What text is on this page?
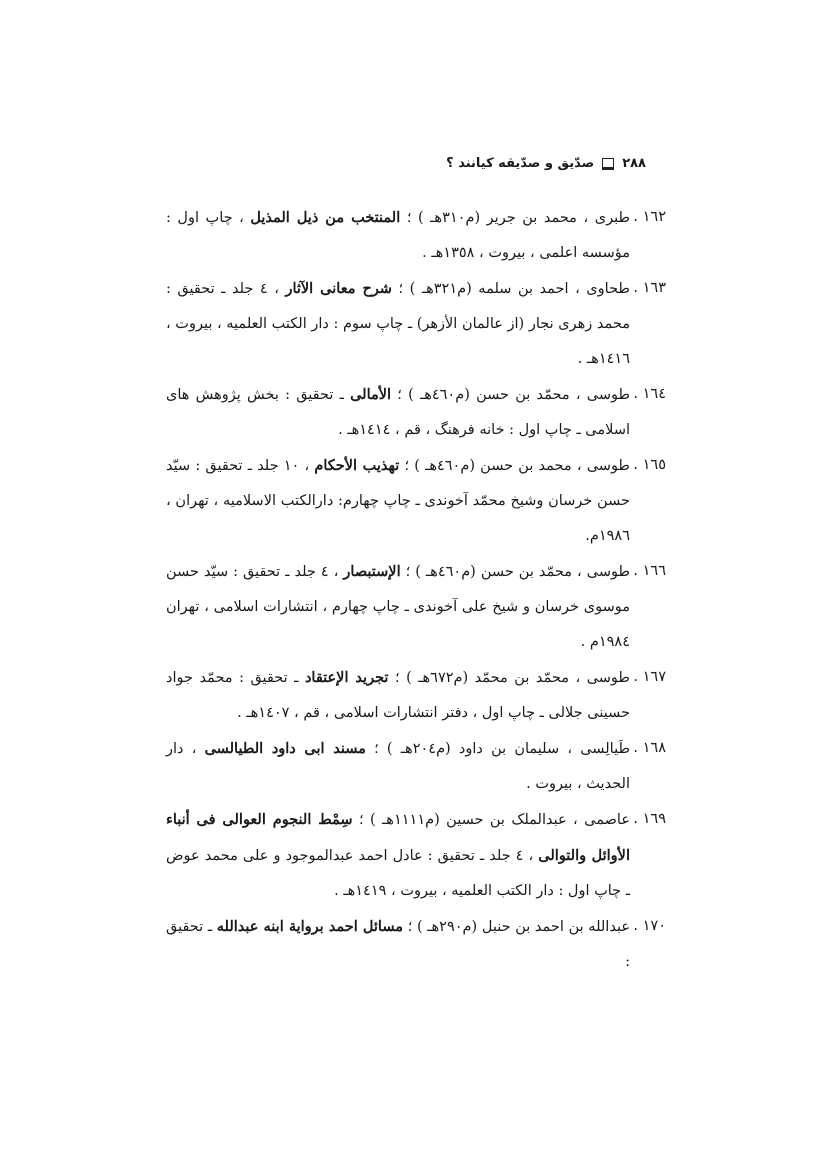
۲۸۸
صدّیق و صدّیقه کیانند ؟

١٦٢ .
طبری ، محمد بن جریر (م٣١٠هـ ) ؛ المنتخب من ذیل المذیل ، چاپ اول : مؤسسه اعلمی ، بیروت ، ١٣٥٨هـ .

١٦٣ .
طحاوی ، احمد بن سلمه (م٣٢١هـ ) ؛ شرح معانی الآثار ، ٤ جلد ـ تحقیق : محمد زهری نجار (از عالمان الأزهر) ـ چاپ سوم : دار الکتب العلمیه ، بیروت ، ١٤١٦هـ .

١٦٤ .
طوسی ، محمّد بن حسن (م٤٦٠هـ ) ؛ الأمالی ـ تحقیق : بخش پژوهش های اسلامی ـ چاپ اول : خانه فرهنگ ، قم ، ١٤١٤هـ .

١٦٥ .
طوسی ، محمد بن حسن (م٤٦٠هـ ) ؛ تهذیب الأحکام ، ١٠ جلد ـ تحقیق : سیّد حسن خرسان وشیخ محمّد آخوندی ـ چاپ چهارم: دارالکتب الاسلامیه ، تهران ، ١٩٨٦م.

١٦٦ .
طوسی ، محمّد بن حسن (م٤٦٠هـ ) ؛ الإستبصار ، ٤ جلد ـ تحقیق : سیّد حسن موسوی خرسان و شیخ علی آخوندی ـ چاپ چهارم ، انتشارات اسلامی ، تهران ١٩٨٤م .

١٦٧ .
طوسی ، محمّد بن محمّد (م٦٧٢هـ ) ؛ تجرید الإعتقاد ـ تحقیق : محمّد جواد حسینی جلالی ـ چاپ اول ، دفتر انتشارات اسلامی ، قم ، ١٤٠٧هـ .

١٦٨ .
طَیالِسی ، سلیمان بن داود (م٢٠٤هـ ) ؛ مسند ابی داود الطیالسی ، دار الحدیث ، بیروت .

١٦٩ .
عاصمی ، عبدالملک بن حسین (م١١١١هـ ) ؛ سِمْط النجوم العوالی فی أنباء الأوائل والتوالی ، ٤ جلد ـ تحقیق : عادل احمد عبدالموجود و علی محمد عوض ـ چاپ اول : دار الکتب العلمیه ، بیروت ، ١٤١٩هـ .

١٧٠ .
عبدالله بن احمد بن حنبل (م٢٩٠هـ ) ؛ مسائل احمد بروایة ابنه عبدالله ـ تحقیق :
